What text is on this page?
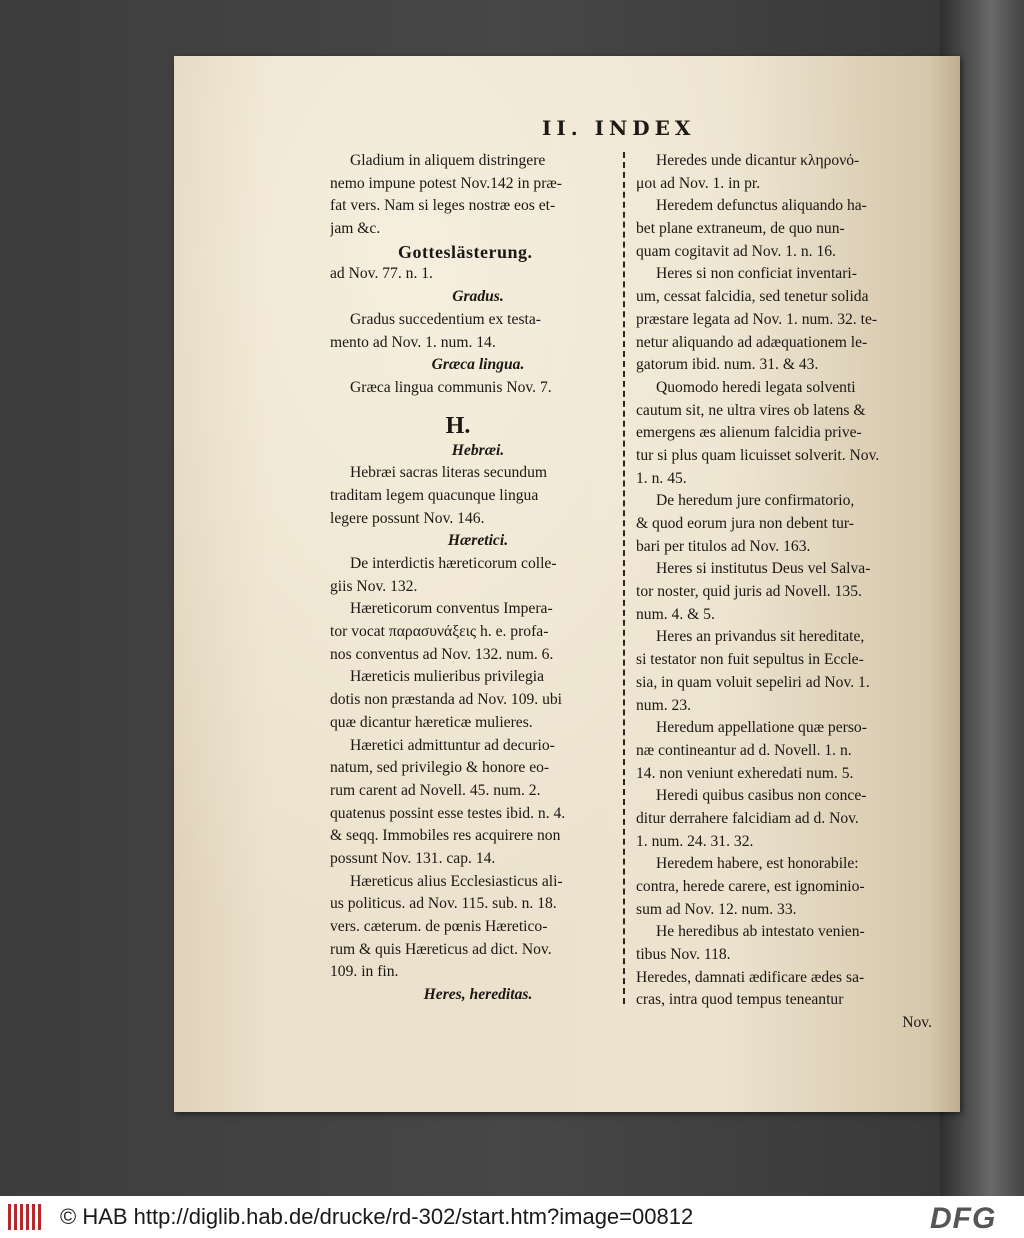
II. INDEX
Gladium in aliquem distringere
nemo impune potest Nov.142 in præ-
fat vers. Nam si leges nostræ eos et-
jam &c.
Gotteslästerung.
ad Nov. 77. n. 1.
Gradus.
Gradus succedentium ex testa-
mento ad Nov. 1. num. 14.
Græca lingua.
Græca lingua communis Nov. 7.
H.
Hebræi.
Hebræi sacras literas secundum
traditam legem quacunque lingua
legere possunt Nov. 146.
Hæretici.
De interdictis hæreticorum colle-
giis Nov. 132.
Hæreticorum conventus Impera-
tor vocat παρασυνάξεις h. e. profa-
nos conventus ad Nov. 132. num. 6.
Hæreticis mulieribus privilegia
dotis non præstanda ad Nov. 109. ubi
quæ dicantur hæreticæ mulieres.
Hæretici admittuntur ad decurio-
natum, sed privilegio & honore eo-
rum carent ad Novell. 45. num. 2.
quatenus possint esse testes ibid. n. 4.
& seqq. Immobiles res acquirere non
possunt Nov. 131. cap. 14.
Hæreticus alius Ecclesiasticus ali-
us politicus. ad Nov. 115. sub. n. 18.
vers. cæterum. de pœnis Hæretico-
rum & quis Hæreticus ad dict. Nov.
109. in fin.
Heres, hereditas.
Heredes unde dicantur κληρονό-
μοι ad Nov. 1. in pr.
Heredem defunctus aliquando ha-
bet plane extraneum, de quo nun-
quam cogitavit ad Nov. 1. n. 16.
Heres si non conficiat inventari-
um, cessat falcidia, sed tenetur solida
præstare legata ad Nov. 1. num. 32. te-
netur aliquando ad adæquationem le-
gatorum ibid. num. 31. & 43.
Quomodo heredi legata solventi
cautum sit, ne ultra vires ob latens &
emergens æs alienum falcidia prive-
tur si plus quam licuisset solverit. Nov.
1. n. 45.
De heredum jure confirmatorio,
& quod eorum jura non debent tur-
bari per titulos ad Nov. 163.
Heres si institutus Deus vel Salva-
tor noster, quid juris ad Novell. 135.
num. 4. & 5.
Heres an privandus sit hereditate,
si testator non fuit sepultus in Eccle-
sia, in quam voluit sepeliri ad Nov. 1.
num. 23.
Heredum appellatione quæ perso-
næ contineantur ad d. Novell. 1. n.
14. non veniunt exheredati num. 5.
Heredi quibus casibus non conce-
ditur derrahere falcidiam ad d. Nov.
1. num. 24. 31. 32.
Heredem habere, est honorabile:
contra, herede carere, est ignominio-
sum ad Nov. 12. num. 33.
He heredibus ab intestato venien-
tibus Nov. 118.
Heredes, damnati ædificare ædes sa-
cras, intra quod tempus teneantur
Nov.
© HAB http://diglib.hab.de/drucke/rd-302/start.htm?image=00812	DFG
